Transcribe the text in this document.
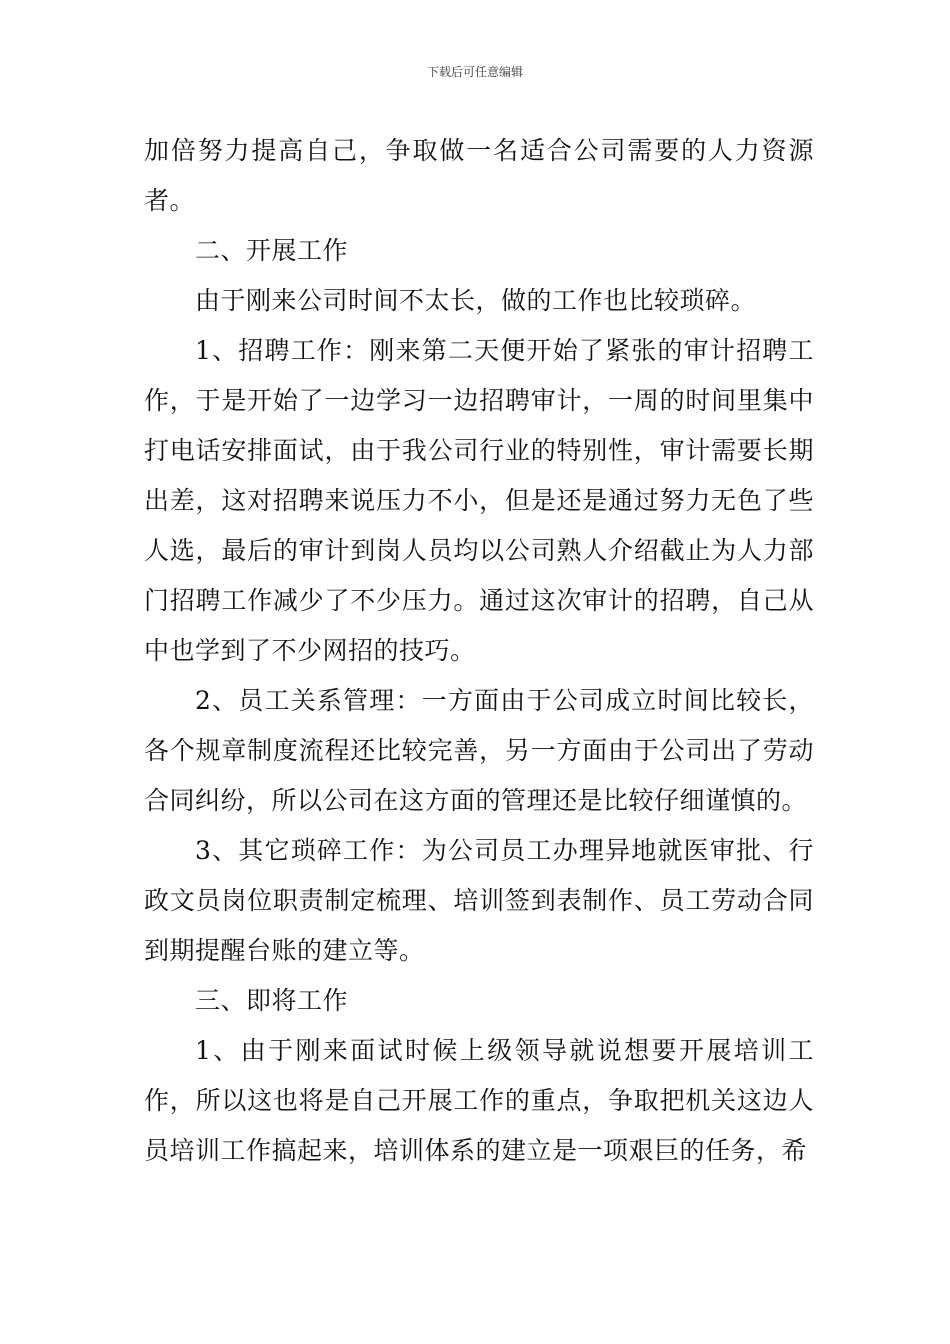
下载后可任意编辑

加倍努力提高自己，争取做一名适合公司需要的人力资源者。

二、开展工作

由于刚来公司时间不太长，做的工作也比较琐碎。

1、招聘工作：刚来第二天便开始了紧张的审计招聘工作，于是开始了一边学习一边招聘审计，一周的时间里集中打电话安排面试，由于我公司行业的特别性，审计需要长期出差，这对招聘来说压力不小，但是还是通过努力无色了些人选，最后的审计到岗人员均以公司熟人介绍截止为人力部门招聘工作减少了不少压力。通过这次审计的招聘，自己从中也学到了不少网招的技巧。

2、员工关系管理：一方面由于公司成立时间比较长，各个规章制度流程还比较完善，另一方面由于公司出了劳动合同纠纷，所以公司在这方面的管理还是比较仔细谨慎的。

3、其它琐碎工作：为公司员工办理异地就医审批、行政文员岗位职责制定梳理、培训签到表制作、员工劳动合同到期提醒台账的建立等。

三、即将工作

1、由于刚来面试时候上级领导就说想要开展培训工作，所以这也将是自己开展工作的重点，争取把机关这边人员培训工作搞起来，培训体系的建立是一项艰巨的任务，希
